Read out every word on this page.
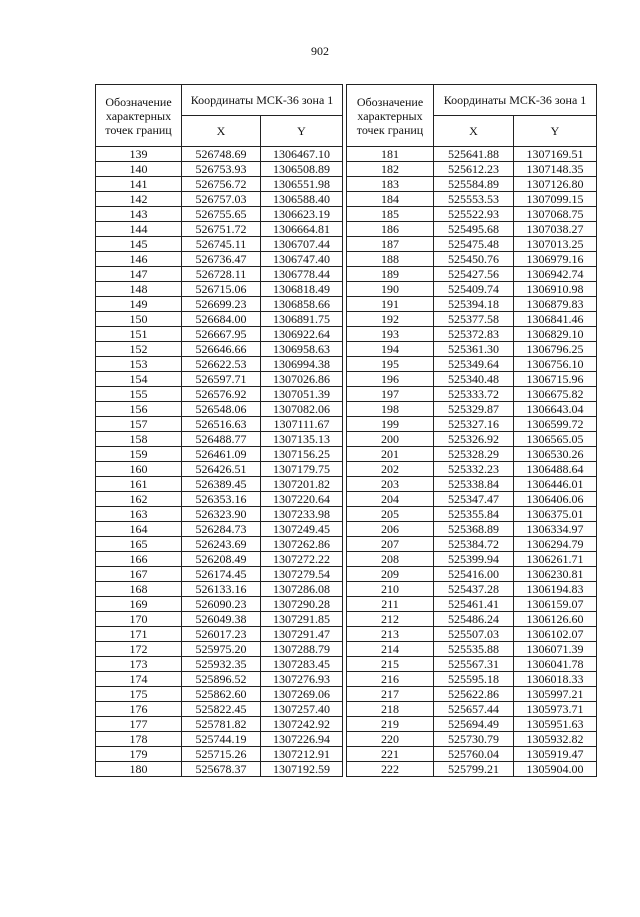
902
Обозначение характерных точек границ	Координаты МСК-36 зона 1	
	X	Y
139	526748.69	1306467.10
140	526753.93	1306508.89
141	526756.72	1306551.98
142	526757.03	1306588.40
143	526755.65	1306623.19
144	526751.72	1306664.81
145	526745.11	1306707.44
146	526736.47	1306747.40
147	526728.11	1306778.44
148	526715.06	1306818.49
149	526699.23	1306858.66
150	526684.00	1306891.75
151	526667.95	1306922.64
152	526646.66	1306958.63
153	526622.53	1306994.38
154	526597.71	1307026.86
155	526576.92	1307051.39
156	526548.06	1307082.06
157	526516.63	1307111.67
158	526488.77	1307135.13
159	526461.09	1307156.25
160	526426.51	1307179.75
161	526389.45	1307201.82
162	526353.16	1307220.64
163	526323.90	1307233.98
164	526284.73	1307249.45
165	526243.69	1307262.86
166	526208.49	1307272.22
167	526174.45	1307279.54
168	526133.16	1307286.08
169	526090.23	1307290.28
170	526049.38	1307291.85
171	526017.23	1307291.47
172	525975.20	1307288.79
173	525932.35	1307283.45
174	525896.52	1307276.93
175	525862.60	1307269.06
176	525822.45	1307257.40
177	525781.82	1307242.92
178	525744.19	1307226.94
179	525715.26	1307212.91
180	525678.37	1307192.59
Обозначение характерных точек границ	Координаты МСК-36 зона 1	
	X	Y
181	525641.88	1307169.51
182	525612.23	1307148.35
183	525584.89	1307126.80
184	525553.53	1307099.15
185	525522.93	1307068.75
186	525495.68	1307038.27
187	525475.48	1307013.25
188	525450.76	1306979.16
189	525427.56	1306942.74
190	525409.74	1306910.98
191	525394.18	1306879.83
192	525377.58	1306841.46
193	525372.83	1306829.10
194	525361.30	1306796.25
195	525349.64	1306756.10
196	525340.48	1306715.96
197	525333.72	1306675.82
198	525329.87	1306643.04
199	525327.16	1306599.72
200	525326.92	1306565.05
201	525328.29	1306530.26
202	525332.23	1306488.64
203	525338.84	1306446.01
204	525347.47	1306406.06
205	525355.84	1306375.01
206	525368.89	1306334.97
207	525384.72	1306294.79
208	525399.94	1306261.71
209	525416.00	1306230.81
210	525437.28	1306194.83
211	525461.41	1306159.07
212	525486.24	1306126.60
213	525507.03	1306102.07
214	525535.88	1306071.39
215	525567.31	1306041.78
216	525595.18	1306018.33
217	525622.86	1305997.21
218	525657.44	1305973.71
219	525694.49	1305951.63
220	525730.79	1305932.82
221	525760.04	1305919.47
222	525799.21	1305904.00
